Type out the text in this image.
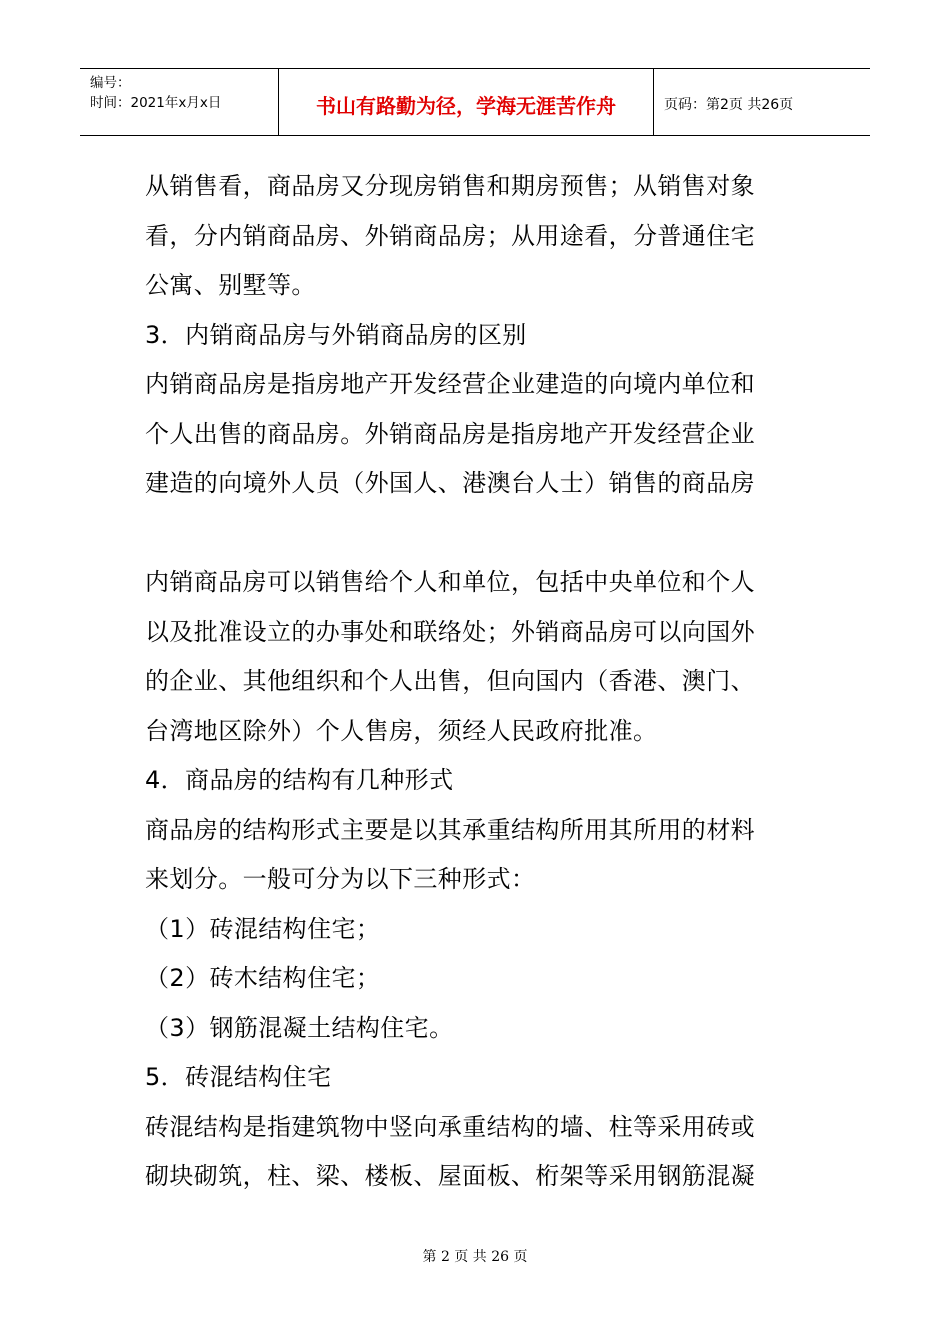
编号：
时间：2021年x月x日	书山有路勤为径，学海无涯苦作舟	页码：第2页 共26页

从销售看，商品房又分现房销售和期房预售；从销售对象

看，分内销商品房、外销商品房；从用途看，分普通住宅

公寓、别墅等。

3．内销商品房与外销商品房的区别

内销商品房是指房地产开发经营企业建造的向境内单位和

个人出售的商品房。外销商品房是指房地产开发经营企业

建造的向境外人员（外国人、港澳台人士）销售的商品房

内销商品房可以销售给个人和单位，包括中央单位和个人

以及批准设立的办事处和联络处；外销商品房可以向国外

的企业、其他组织和个人出售，但向国内（香港、澳门、

台湾地区除外）个人售房，须经人民政府批准。

4．商品房的结构有几种形式

商品房的结构形式主要是以其承重结构所用其所用的材料

来划分。一般可分为以下三种形式：

（1）砖混结构住宅；

（2）砖木结构住宅；

（3）钢筋混凝土结构住宅。

5．砖混结构住宅

砖混结构是指建筑物中竖向承重结构的墙、柱等采用砖或

砌块砌筑，柱、梁、楼板、屋面板、桁架等采用钢筋混凝

第 2 页 共 26 页
